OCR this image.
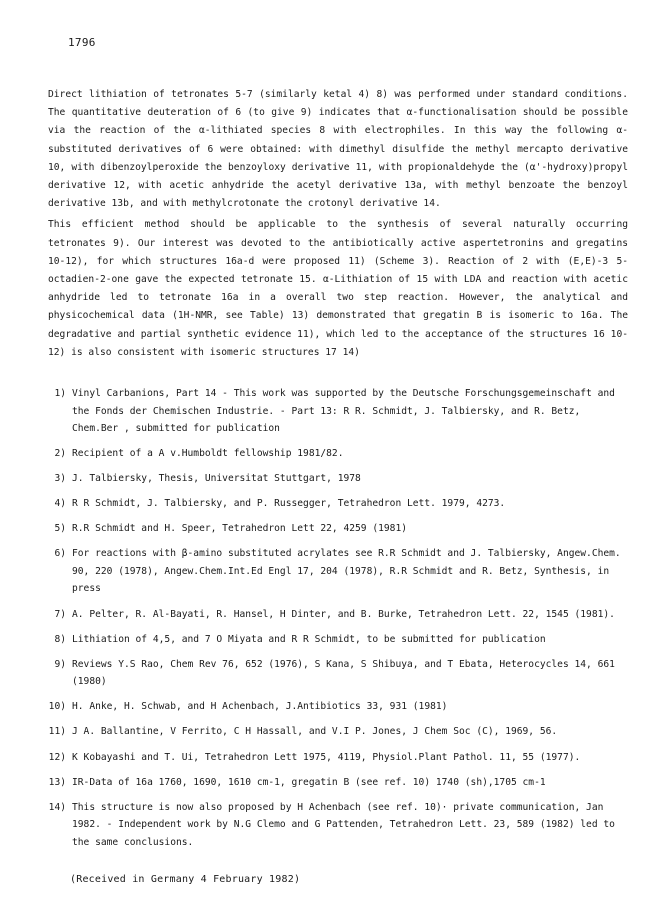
1796

Direct lithiation of tetronates 5-7 (similarly ketal 4) 8) was performed under standard conditions. The quantitative deuteration of 6 (to give 9) indicates that α-functionalisation should be possible via the reaction of the α-lithiated species 8 with electrophiles. In this way the following α-substituted derivatives of 6 were obtained: with dimethyl disulfide the methyl mercapto derivative 10, with dibenzoylperoxide the benzoyloxy derivative 11, with propionaldehyde the (α'-hydroxy)propyl derivative 12, with acetic anhydride the acetyl derivative 13a, with methyl benzoate the benzoyl derivative 13b, and with methylcrotonate the crotonyl derivative 14.

This efficient method should be applicable to the synthesis of several naturally occurring tetronates 9). Our interest was devoted to the antibiotically active aspertetronins and gregatins 10-12), for which structures 16a-d were proposed 11) (Scheme 3). Reaction of 2 with (E,E)-3 5-octadien-2-one gave the expected tetronate 15. α-Lithiation of 15 with LDA and reaction with acetic anhydride led to tetronate 16a in a overall two step reaction. However, the analytical and physicochemical data (1H-NMR, see Table) 13) demonstrated that gregatin B is isomeric to 16a. The degradative and partial synthetic evidence 11), which led to the acceptance of the structures 16 10-12) is also consistent with isomeric structures 17 14)

1) Vinyl Carbanions, Part 14 - This work was supported by the Deutsche Forschungsgemeinschaft and the Fonds der Chemischen Industrie. - Part 13: R R. Schmidt, J. Talbiersky, and R. Betz, Chem.Ber , submitted for publication
2) Recipient of a A v.Humboldt fellowship 1981/82.
3) J. Talbiersky, Thesis, Universitat Stuttgart, 1978
4) R R Schmidt, J. Talbiersky, and P. Russegger, Tetrahedron Lett. 1979, 4273.
5) R.R Schmidt and H. Speer, Tetrahedron Lett 22, 4259 (1981)
6) For reactions with β-amino substituted acrylates see R.R Schmidt and J. Talbiersky, Angew.Chem. 90, 220 (1978), Angew.Chem.Int.Ed Engl 17, 204 (1978), R.R Schmidt and R. Betz, Synthesis, in press
7) A. Pelter, R. Al-Bayati, R. Hansel, H Dinter, and B. Burke, Tetrahedron Lett. 22, 1545 (1981).
8) Lithiation of 4,5, and 7 O Miyata and R R Schmidt, to be submitted for publication
9) Reviews Y.S Rao, Chem Rev 76, 652 (1976), S Kana, S Shibuya, and T Ebata, Heterocycles 14, 661 (1980)
10) H. Anke, H. Schwab, and H Achenbach, J.Antibiotics 33, 931 (1981)
11) J A. Ballantine, V Ferrito, C H Hassall, and V.I P. Jones, J Chem Soc (C), 1969, 56.
12) K Kobayashi and T. Ui, Tetrahedron Lett 1975, 4119, Physiol.Plant Pathol. 11, 55 (1977).
13) IR-Data of 16a 1760, 1690, 1610 cm-1, gregatin B (see ref. 10) 1740 (sh),1705 cm-1
14) This structure is now also proposed by H Achenbach (see ref. 10)· private communication, Jan 1982. - Independent work by N.G Clemo and G Pattenden, Tetrahedron Lett. 23, 589 (1982) led to the same conclusions.
(Received in Germany 4 February 1982)
